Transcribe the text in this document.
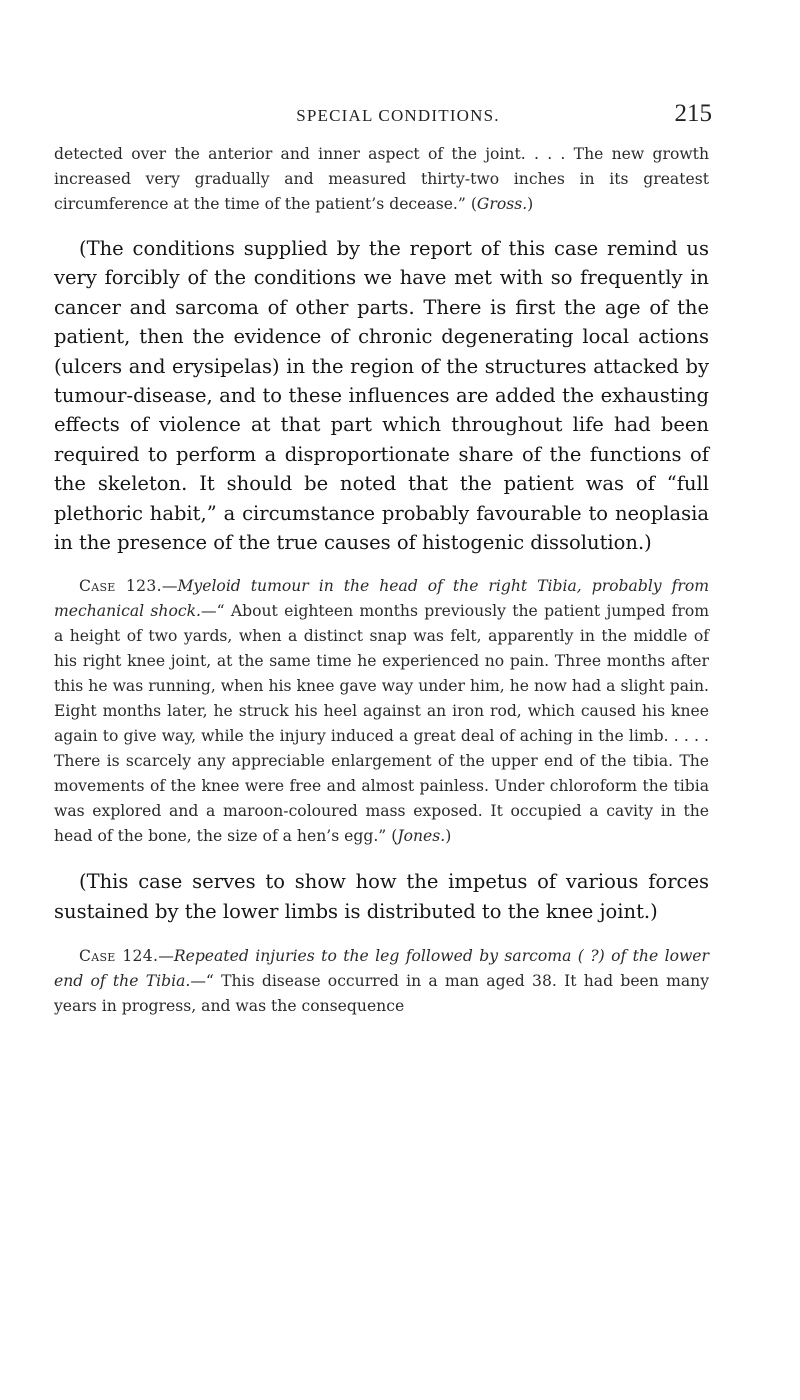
SPECIAL CONDITIONS.	215

detected over the anterior and inner aspect of the joint. . . . The new growth increased very gradually and measured thirty-two inches in its greatest circumference at the time of the patient’s decease.” (Gross.)

(The conditions supplied by the report of this case remind us very forcibly of the conditions we have met with so frequently in cancer and sarcoma of other parts. There is first the age of the patient, then the evidence of chronic degenerating local actions (ulcers and erysipelas) in the region of the structures attacked by tumour-disease, and to these influences are added the exhausting effects of violence at that part which throughout life had been required to perform a disproportionate share of the functions of the skeleton. It should be noted that the patient was of “full plethoric habit,” a circumstance probably favourable to neoplasia in the presence of the true causes of histogenic dissolution.)

Case 123.—Myeloid tumour in the head of the right Tibia, probably from mechanical shock.—“ About eighteen months previously the patient jumped from a height of two yards, when a distinct snap was felt, apparently in the middle of his right knee joint, at the same time he experienced no pain. Three months after this he was running, when his knee gave way under him, he now had a slight pain. Eight months later, he struck his heel against an iron rod, which caused his knee again to give way, while the injury induced a great deal of aching in the limb. . . . . There is scarcely any appreciable enlargement of the upper end of the tibia. The movements of the knee were free and almost painless. Under chloroform the tibia was explored and a maroon-coloured mass exposed. It occupied a cavity in the head of the bone, the size of a hen’s egg.” (Jones.)

(This case serves to show how the impetus of various forces sustained by the lower limbs is distributed to the knee joint.)

Case 124.—Repeated injuries to the leg followed by sarcoma ( ?) of the lower end of the Tibia.—“ This disease occurred in a man aged 38. It had been many years in progress, and was the consequence
